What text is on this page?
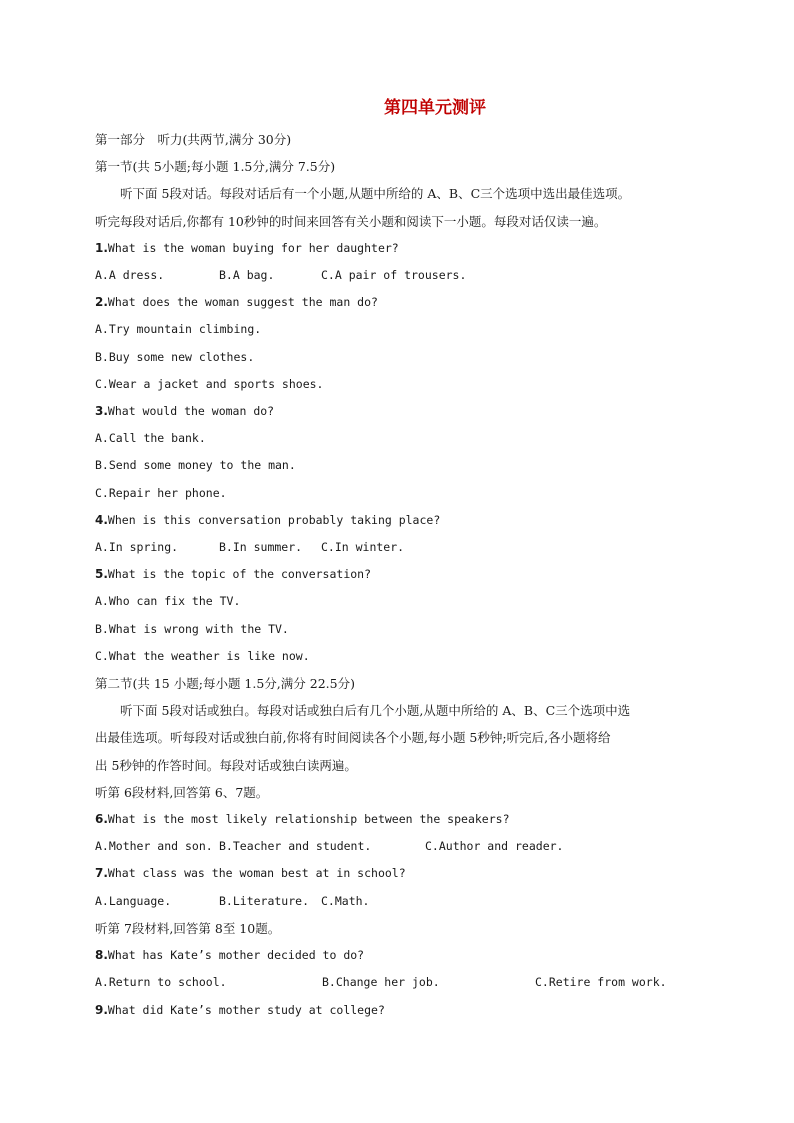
第四单元测评
第一部分　听力(共两节,满分 30分)
第一节(共 5小题;每小题 1.5分,满分 7.5分)
听下面 5段对话。每段对话后有一个小题,从题中所给的 A、B、C三个选项中选出最佳选项。
听完每段对话后,你都有 10秒钟的时间来回答有关小题和阅读下一小题。每段对话仅读一遍。
1.What is the woman buying for her daughter?
A.A dress.	B.A bag.	C.A pair of trousers.
2.What does the woman suggest the man do?
A.Try mountain climbing.
B.Buy some new clothes.
C.Wear a jacket and sports shoes.
3.What would the woman do?
A.Call the bank.
B.Send some money to the man.
C.Repair her phone.
4.When is this conversation probably taking place?
A.In spring.	B.In summer.	C.In winter.
5.What is the topic of the conversation?
A.Who can fix the TV.
B.What is wrong with the TV.
C.What the weather is like now.
第二节(共 15 小题;每小题 1.5分,满分 22.5分)
听下面 5段对话或独白。每段对话或独白后有几个小题,从题中所给的 A、B、C三个选项中选
出最佳选项。听每段对话或独白前,你将有时间阅读各个小题,每小题 5秒钟;听完后,各小题将给
出 5秒钟的作答时间。每段对话或独白读两遍。
听第 6段材料,回答第 6、7题。
6.What is the most likely relationship between the speakers?
A.Mother and son. B.Teacher and student.	C.Author and reader.
7.What class was the woman best at in school?
A.Language.	B.Literature.	C.Math.
听第 7段材料,回答第 8至 10题。
8.What has Kate’s mother decided to do?
A.Return to school.	B.Change her job.	C.Retire from work.
9.What did Kate’s mother study at college?
